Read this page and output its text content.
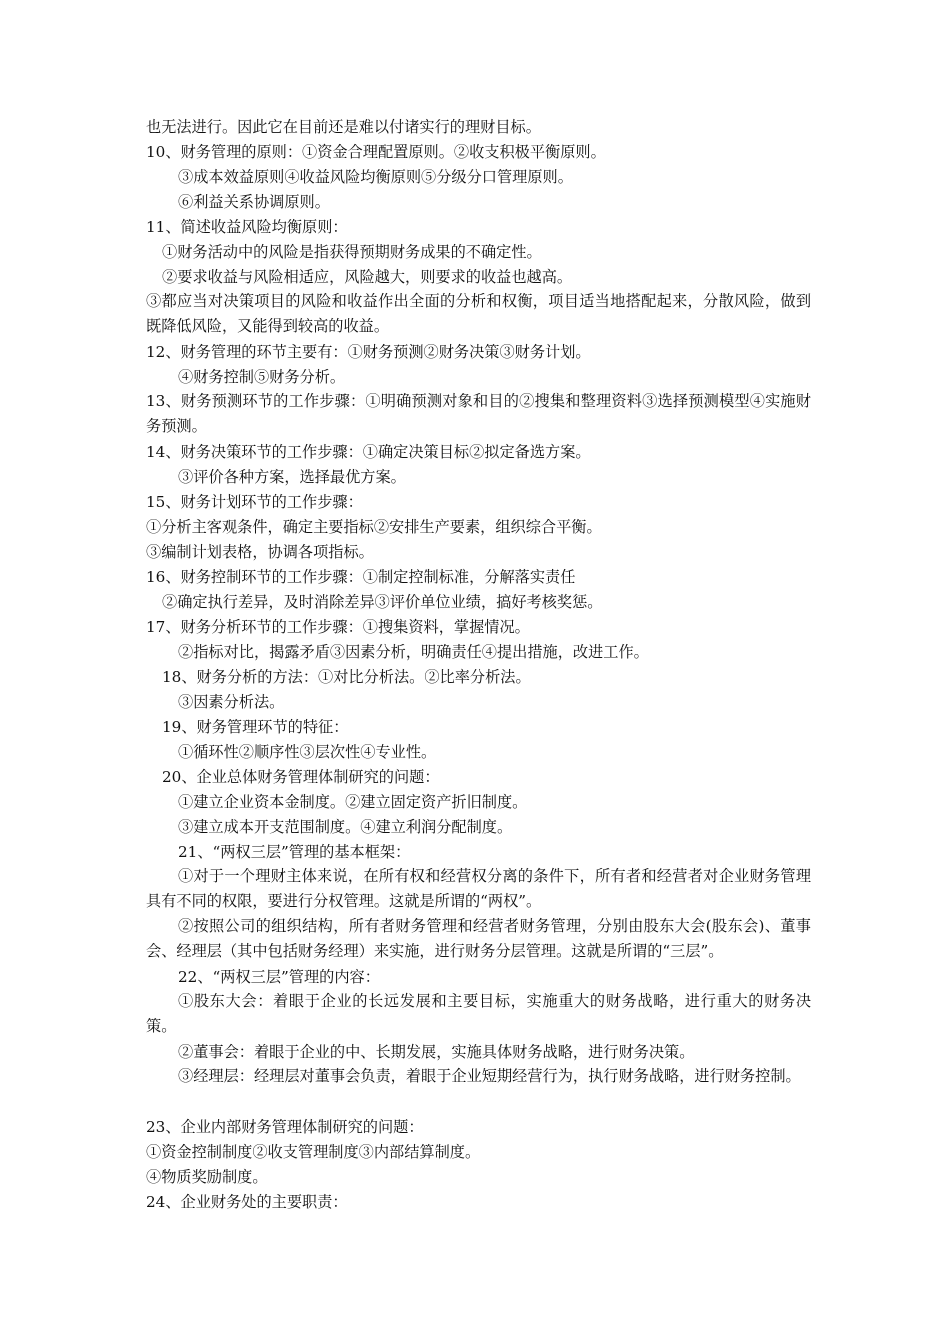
也无法进行。因此它在目前还是难以付诸实行的理财目标。
10、财务管理的原则：①资金合理配置原则。②收支积极平衡原则。
③成本效益原则④收益风险均衡原则⑤分级分口管理原则。
⑥利益关系协调原则。
11、简述收益风险均衡原则：
①财务活动中的风险是指获得预期财务成果的不确定性。
②要求收益与风险相适应，风险越大，则要求的收益也越高。
③都应当对决策项目的风险和收益作出全面的分析和权衡，项目适当地搭配起来，分散风险，做到既降低风险，又能得到较高的收益。
12、财务管理的环节主要有：①财务预测②财务决策③财务计划。
④财务控制⑤财务分析。
13、财务预测环节的工作步骤：①明确预测对象和目的②搜集和整理资料③选择预测模型④实施财务预测。
14、财务决策环节的工作步骤：①确定决策目标②拟定备选方案。
③评价各种方案，选择最优方案。
15、财务计划环节的工作步骤：
①分析主客观条件，确定主要指标②安排生产要素，组织综合平衡。
③编制计划表格，协调各项指标。
16、财务控制环节的工作步骤：①制定控制标准，分解落实责任
②确定执行差异，及时消除差异③评价单位业绩，搞好考核奖惩。
17、财务分析环节的工作步骤：①搜集资料，掌握情况。
②指标对比，揭露矛盾③因素分析，明确责任④提出措施，改进工作。
18、财务分析的方法：①对比分析法。②比率分析法。
③因素分析法。
19、财务管理环节的特征：
①循环性②顺序性③层次性④专业性。
20、企业总体财务管理体制研究的问题：
①建立企业资本金制度。②建立固定资产折旧制度。
③建立成本开支范围制度。④建立利润分配制度。
21、“两权三层”管理的基本框架：
①对于一个理财主体来说，在所有权和经营权分离的条件下，所有者和经营者对企业财务管理具有不同的权限，要进行分权管理。这就是所谓的“两权”。
②按照公司的组织结构，所有者财务管理和经营者财务管理，分别由股东大会(股东会)、董事会、经理层（其中包括财务经理）来实施，进行财务分层管理。这就是所谓的“三层”。
22、“两权三层”管理的内容：
①股东大会：着眼于企业的长远发展和主要目标，实施重大的财务战略，进行重大的财务决策。
②董事会：着眼于企业的中、长期发展，实施具体财务战略，进行财务决策。
③经理层：经理层对董事会负责，着眼于企业短期经营行为，执行财务战略，进行财务控制。
23、企业内部财务管理体制研究的问题：
①资金控制制度②收支管理制度③内部结算制度。
④物质奖励制度。
24、企业财务处的主要职责：
